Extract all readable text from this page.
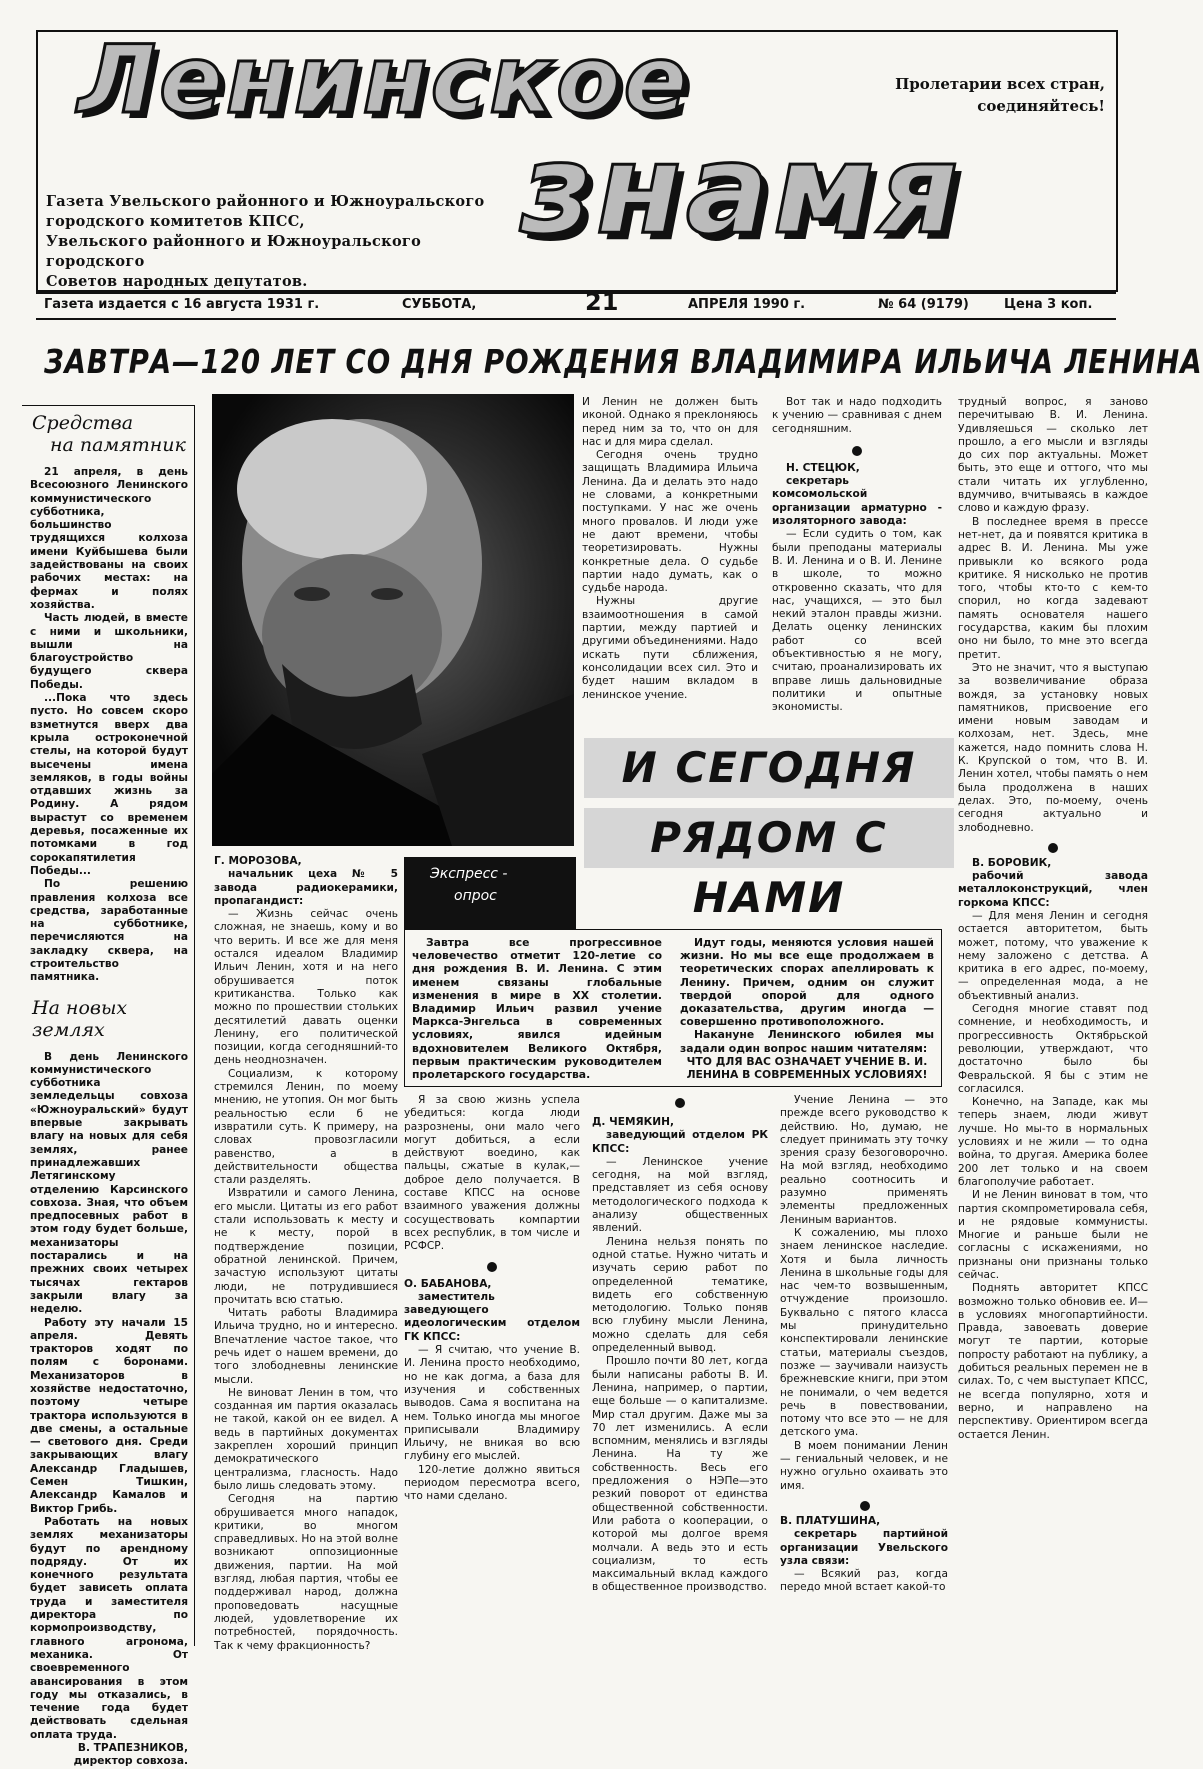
Ленинское
знамя
Пролетарии всех стран,
соединяйтесь!
Газета Увельского районного и Южноуральского
городского комитетов КПСС,
Увельского районного и Южноуральского городского
Советов народных депутатов.
Газета издается с 16 августа 1931 г.	СУББОТА,	21	АПРЕЛЯ 1990 г.	№ 64 (9179)	Цена 3 коп.
ЗАВТРА—120 ЛЕТ СО ДНЯ РОЖДЕНИЯ ВЛАДИМИРА ИЛЬИЧА ЛЕНИНА
Средства
на памятник

21 апреля, в день Всесоюзного Ленинского коммунистического субботника, большинство трудящихся колхоза имени Куйбышева были задействованы на своих рабочих местах: на фермах и полях хозяйства.

Часть людей, в вместе с ними и школьники, вышли на благоустройство будущего сквера Победы.

...Пока что здесь пусто. Но совсем скоро взметнутся вверх два крыла остроконечной стелы, на которой будут высечены имена земляков, в годы войны отдавших жизнь за Родину. А рядом вырастут со временем деревья, посаженные их потомками в год сорокапятилетия Победы...

По решению правления колхоза все средства, заработанные на субботнике, перечисляются на закладку сквера, на строительство памятника.

На новых
землях

В день Ленинского коммунистического субботника земледельцы совхоза «Южноуральский» будут впервые закрывать влагу на новых для себя землях, ранее принадлежавших Летягинскому отделению Карсинского совхоза. Зная, что объем предпосевных работ в этом году будет больше, механизаторы постарались и на прежних своих четырех тысячах гектаров закрыли влагу за неделю.

Работу эту начали 15 апреля. Девять тракторов ходят по полям с боронами. Механизаторов в хозяйстве недостаточно, поэтому четыре трактора используются в две смены, а остальные — светового дня. Среди закрывающих влагу Александр Гладышев, Семен Тишкин, Александр Камалов и Виктор Грибь.

Работать на новых землях механизаторы будут по арендному подряду. От их конечного результата будет зависеть оплата труда и заместителя директора по кормопроизводству, главного агронома, механика. От своевременного авансирования в этом году мы отказались, в течение года будет действовать сдельная оплата труда.

В. ТРАПЕЗНИКОВ,

директор совхоза.

Экспресс -
опрос

Г. МОРОЗОВА,

начальник цеха № 5 завода радиокерамики, пропагандист:

— Жизнь сейчас очень сложная, не знаешь, кому и во что верить. И все же для меня остался идеалом Владимир Ильич Ленин, хотя и на него обрушивается поток критиканства. Только как можно по прошествии стольких десятилетий давать оценки Ленину, его политической позиции, когда сегодняшний-то день неоднозначен.

Социализм, к которому стремился Ленин, по моему мнению, не утопия. Он мог быть реальностью если б не извратили суть. К примеру, на словах провозгласили равенство, а в действительности общества стали разделять.

Извратили и самого Ленина, его мысли. Цитаты из его работ стали использовать к месту и не к месту, порой в подтверждение позиции, обратной ленинской. Причем, зачастую используют цитаты люди, не потрудившиеся прочитать всю статью.

Читать работы Владимира Ильича трудно, но и интересно. Впечатление частое такое, что речь идет о нашем времени, до того злободневны ленинские мысли.

Не виноват Ленин в том, что созданная им партия оказалась не такой, какой он ее видел. А ведь в партийных документах закреплен хороший принцип демократического централизма, гласность. Надо было лишь следовать этому.

Сегодня на партию обрушивается много нападок, критики, во многом справедливых. Но на этой волне возникают оппозиционные движения, партии. На мой взгляд, любая партия, чтобы ее поддерживал народ, должна проповедовать насущные людей, удовлетворение их потребностей, порядочность. Так к чему фракционность?

Я за свою жизнь успела убедиться: когда люди разрознены, они мало чего могут добиться, а если действуют воедино, как пальцы, сжатые в кулак,— доброе дело получается. В составе КПСС на основе взаимного уважения должны сосуществовать компартии всех республик, в том числе и РСФСР.

О. БАБАНОВА,

заместитель заведующего идеологическим отделом ГК КПСС:

— Я считаю, что учение В. И. Ленина просто необходимо, но не как догма, а база для изучения и собственных выводов. Сама я воспитана на нем. Только иногда мы многое приписывали Владимиру Ильичу, не вникая во всю глубину его мыслей.

120-летие должно явиться периодом пересмотра всего, что нами сделано.

И Ленин не должен быть иконой. Однако я преклоняюсь перед ним за то, что он для нас и для мира сделал.

Сегодня очень трудно защищать Владимира Ильича Ленина. Да и делать это надо не словами, а конкретными поступками. У нас же очень много провалов. И люди уже не дают времени, чтобы теоретизировать. Нужны конкретные дела. О судьбе партии надо думать, как о судьбе народа.

Нужны другие взаимоотношения в самой партии, между партией и другими объединениями. Надо искать пути сближения, консолидации всех сил. Это и будет нашим вкладом в ленинское учение.

Вот так и надо подходить к учению — сравнивая с днем сегодняшним.

Н. СТЕЦЮК,

секретарь комсомольской организации арматурно - изоляторного завода:

— Если судить о том, как были преподаны материалы В. И. Ленина и о В. И. Ленине в школе, то можно откровенно сказать, что для нас, учащихся, — это был некий эталон правды жизни. Делать оценку ленинских работ со всей объективностью я не могу, считаю, проанализировать их вправе лишь дальновидные политики и опытные экономисты.

трудный вопрос, я заново перечитываю В. И. Ленина. Удивляешься — сколько лет прошло, а его мысли и взгляды до сих пор актуальны. Может быть, это еще и оттого, что мы стали читать их углубленно, вдумчиво, вчитываясь в каждое слово и каждую фразу.

В последнее время в прессе нет-нет, да и появятся критика в адрес В. И. Ленина. Мы уже привыкли ко всякого рода критике. Я нисколько не против того, чтобы кто-то с кем-то спорил, но когда задевают память основателя нашего государства, каким бы плохим оно ни было, то мне это всегда претит.

Это не значит, что я выступаю за возвеличивание образа вождя, за установку новых памятников, присвоение его имени новым заводам и колхозам, нет. Здесь, мне кажется, надо помнить слова Н. К. Крупской о том, что В. И. Ленин хотел, чтобы память о нем была продолжена в наших делах. Это, по-моему, очень сегодня актуально и злободневно.

В. БОРОВИК,

рабочий завода металлоконструкций, член горкома КПСС:

— Для меня Ленин и сегодня остается авторитетом, быть может, потому, что уважение к нему заложено с детства. А критика в его адрес, по-моему, — определенная мода, а не объективный анализ.

Сегодня многие ставят под сомнение, и необходимость, и прогрессивность Октябрьской революции, утверждают, что достаточно было бы Февральской. Я бы с этим не согласился.

Конечно, на Западе, как мы теперь знаем, люди живут лучше. Но мы-то в нормальных условиях и не жили — то одна война, то другая. Америка более 200 лет только и на своем благополучие работает.

И не Ленин виноват в том, что партия скомпрометировала себя, и не рядовые коммунисты. Многие и раньше были не согласны с искажениями, но признаны они признаны только сейчас.

Поднять авторитет КПСС возможно только обновив ее. И—в условиях многопартийности. Правда, завоевать доверие могут те партии, которые попросту работают на публику, а добиться реальных перемен не в силах. То, с чем выступает КПСС, не всегда популярно, хотя и верно, и направлено на перспективу. Ориентиром всегда остается Ленин.

И СЕГОДНЯ
РЯДОМ С НАМИ

Завтра все прогрессивное человечество отметит 120-летие со дня рождения В. И. Ленина. С этим именем связаны глобальные изменения в мире в XX столетии. Владимир Ильич развил учение Маркса-Энгельса в современных условиях, явился идейным вдохновителем Великого Октября, первым практическим руководителем пролетарского государства.

Идут годы, меняются условия нашей жизни. Но мы все еще продолжаем в теоретических спорах апеллировать к Ленину. Причем, одним он служит твердой опорой для одного доказательства, другим иногда — совершенно противоположного.

Накануне Ленинского юбилея мы задали один вопрос нашим читателям:

ЧТО ДЛЯ ВАС ОЗНАЧАЕТ УЧЕНИЕ В. И. ЛЕНИНА В СОВРЕМЕННЫХ УСЛОВИЯХ!

Д. ЧЕМЯКИН,

заведующий отделом РК КПСС:

— Ленинское учение сегодня, на мой взгляд, представляет из себя основу методологического подхода к анализу общественных явлений.

Ленина нельзя понять по одной статье. Нужно читать и изучать серию работ по определенной тематике, видеть его собственную методологию. Только поняв всю глубину мысли Ленина, можно сделать для себя определенный вывод.

Прошло почти 80 лет, когда были написаны работы В. И. Ленина, например, о партии, еще больше — о капитализме. Мир стал другим. Даже мы за 70 лет изменились. А если вспомним, менялись и взгляды Ленина. На ту же собственность. Весь его предложения о НЭПе—это резкий поворот от единства общественной собственности. Или работа о кооперации, о которой мы долгое время молчали. А ведь это и есть социализм, то есть максимальный вклад каждого в общественное производство.

Учение Ленина — это прежде всего руководство к действию. Но, думаю, не следует принимать эту точку зрения сразу безоговорочно. На мой взгляд, необходимо реально соотносить и разумно применять элементы предложенных Лениным вариантов.

К сожалению, мы плохо знаем ленинское наследие. Хотя и была личность Ленина в школьные годы для нас чем-то возвышенным, отчуждение произошло. Буквально с пятого класса мы принудительно конспектировали ленинские статьи, материалы съездов, позже — заучивали наизусть брежневские книги, при этом не понимали, о чем ведется речь в повествовании, потому что все это — не для детского ума.

В моем понимании Ленин — гениальный человек, и не нужно огульно охаивать это имя.

В. ПЛАТУШИНА,

секретарь партийной организации Увельского узла связи:

— Всякий раз, когда передо мной встает какой-то
